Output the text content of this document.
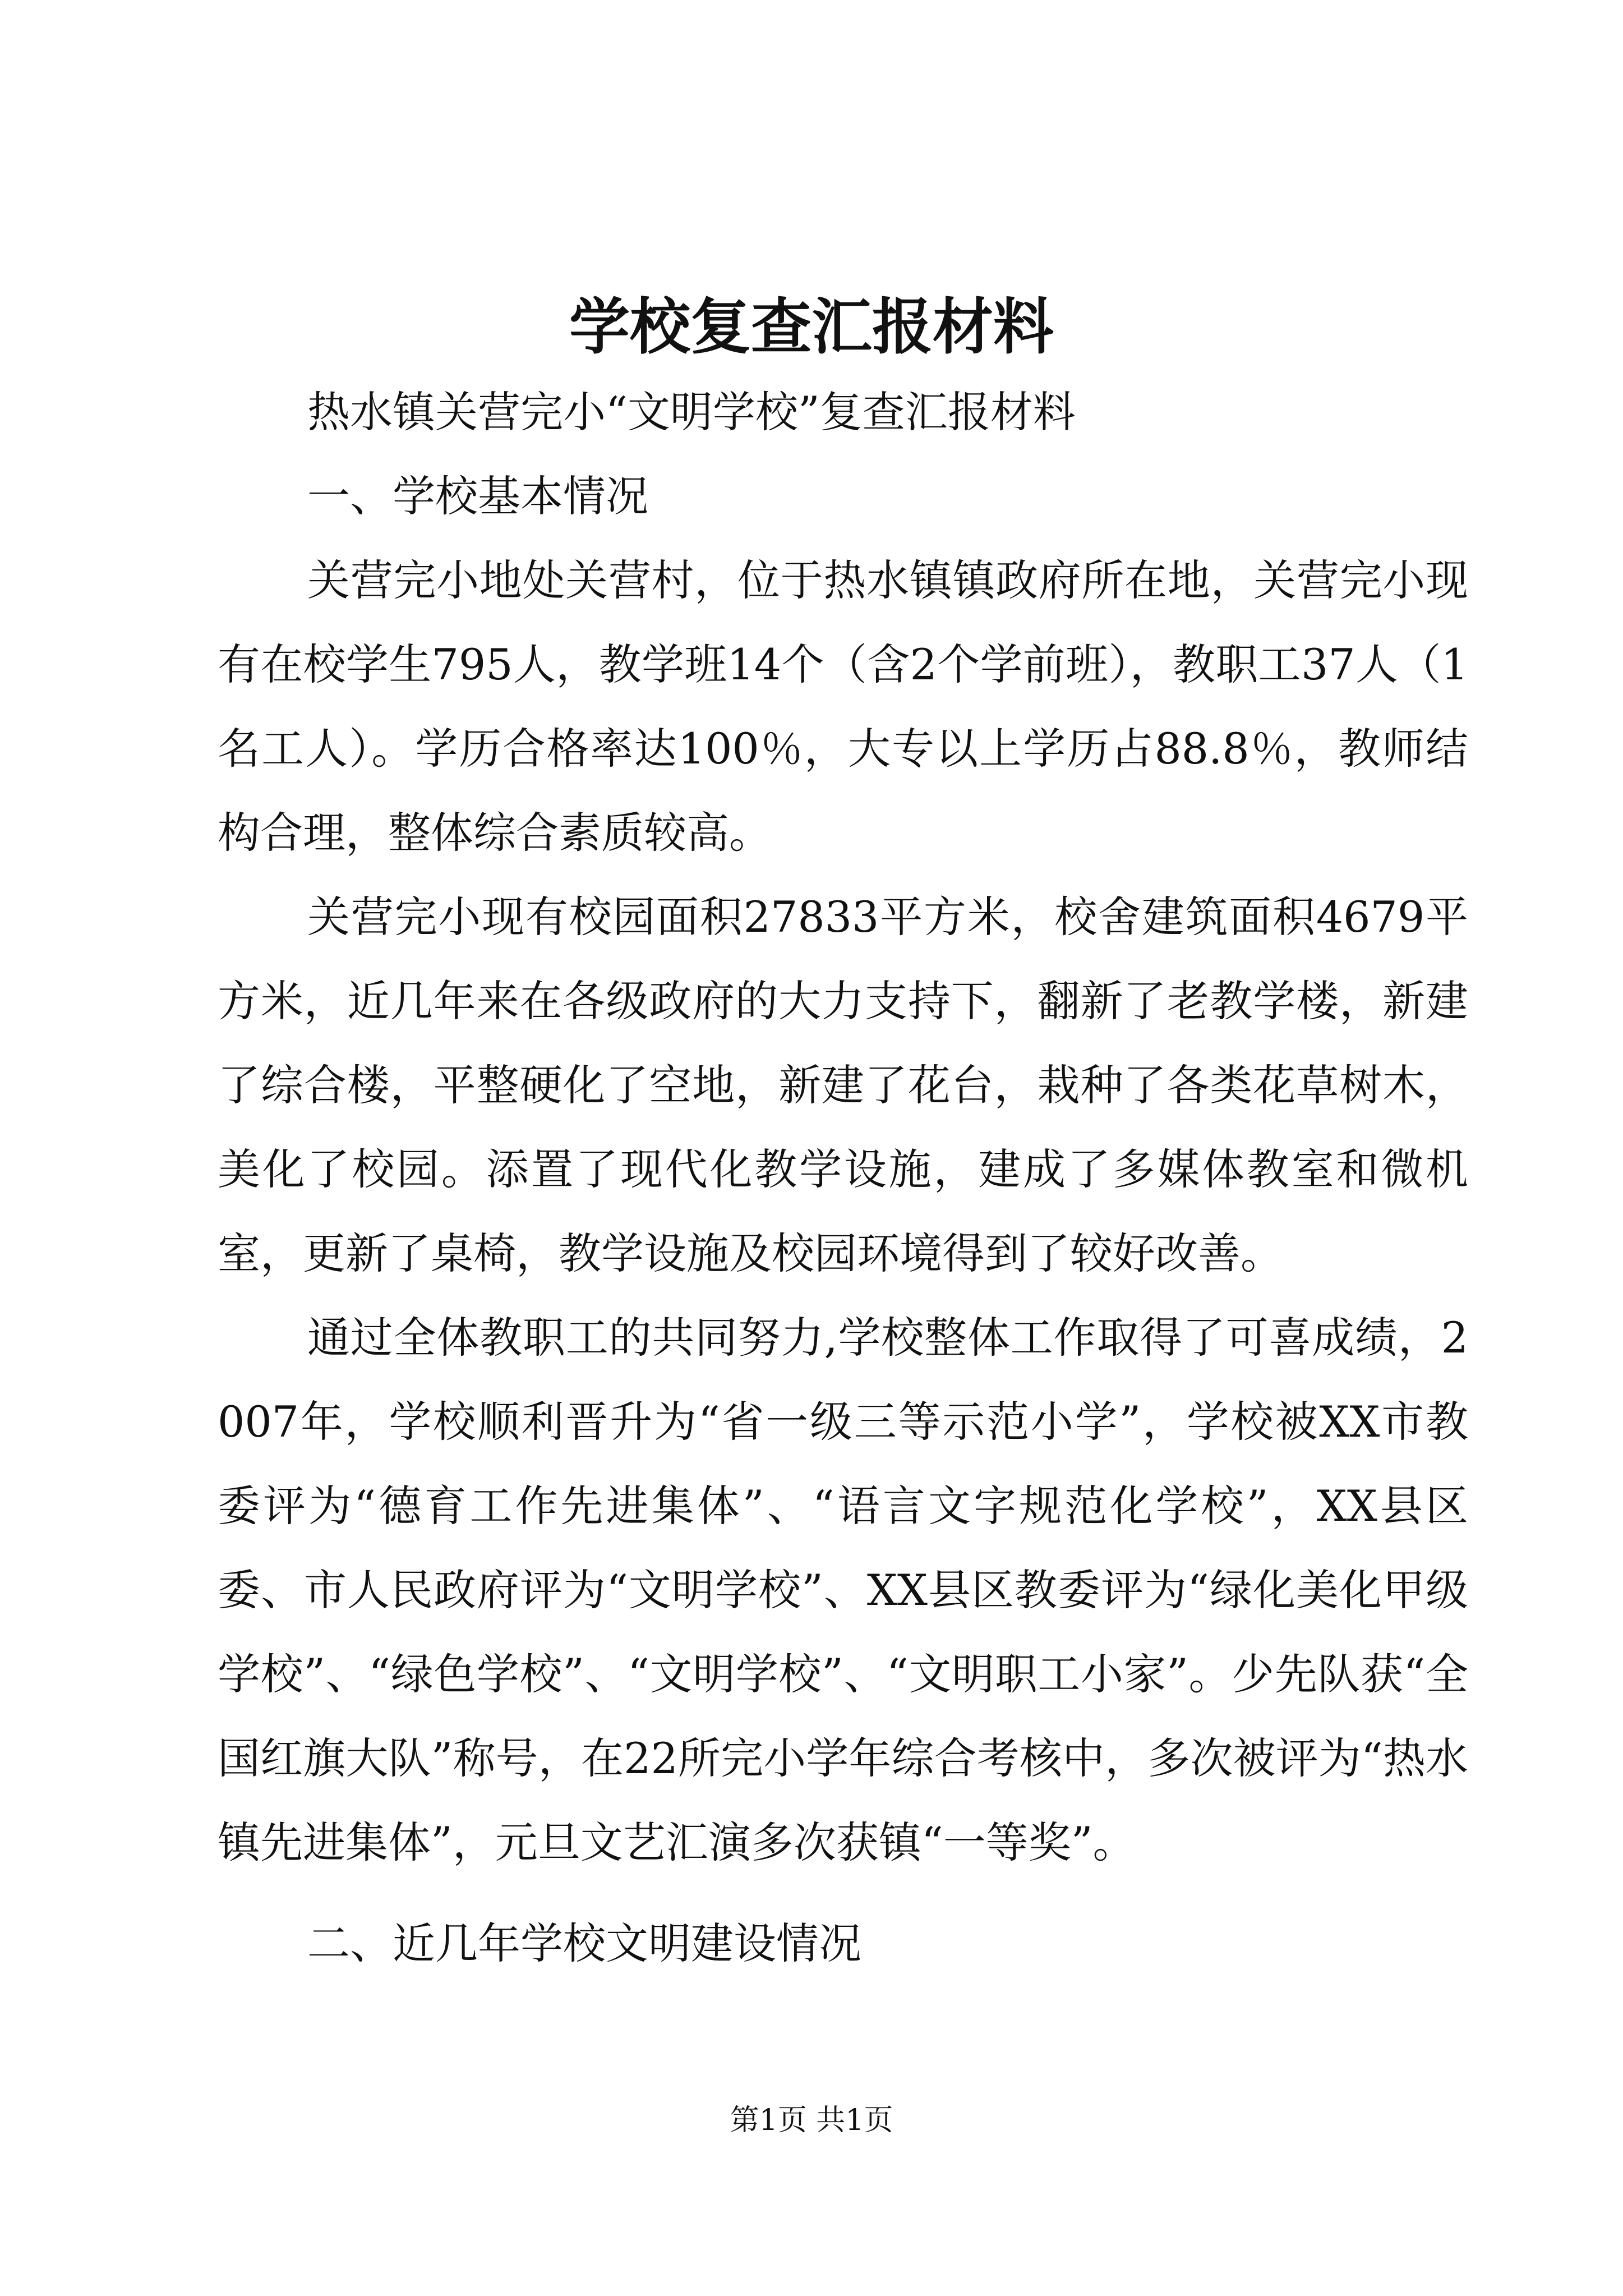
学校复查汇报材料

热水镇关营完小“文明学校”复查汇报材料

一、学校基本情况

关营完小地处关营村，位于热水镇镇政府所在地，关营完小现有在校学生795人，教学班14个（含2个学前班），教职工37人（1名工人）。学历合格率达100％，大专以上学历占88.8％，教师结构合理，整体综合素质较高。

关营完小现有校园面积27833平方米，校舍建筑面积4679平方米，近几年来在各级政府的大力支持下，翻新了老教学楼，新建了综合楼，平整硬化了空地，新建了花台，栽种了各类花草树木，美化了校园。添置了现代化教学设施，建成了多媒体教室和微机室，更新了桌椅，教学设施及校园环境得到了较好改善。

通过全体教职工的共同努力,学校整体工作取得了可喜成绩，2007年，学校顺利晋升为“省一级三等示范小学”，学校被XX市教委评为“德育工作先进集体”、“语言文字规范化学校”，XX县区委、市人民政府评为“文明学校”、XX县区教委评为“绿化美化甲级学校”、“绿色学校”、“文明学校”、“文明职工小家”。少先队获“全国红旗大队”称号，在22所完小学年综合考核中，多次被评为“热水镇先进集体”，元旦文艺汇演多次获镇“一等奖”。

二、近几年学校文明建设情况

第1页 共1页
